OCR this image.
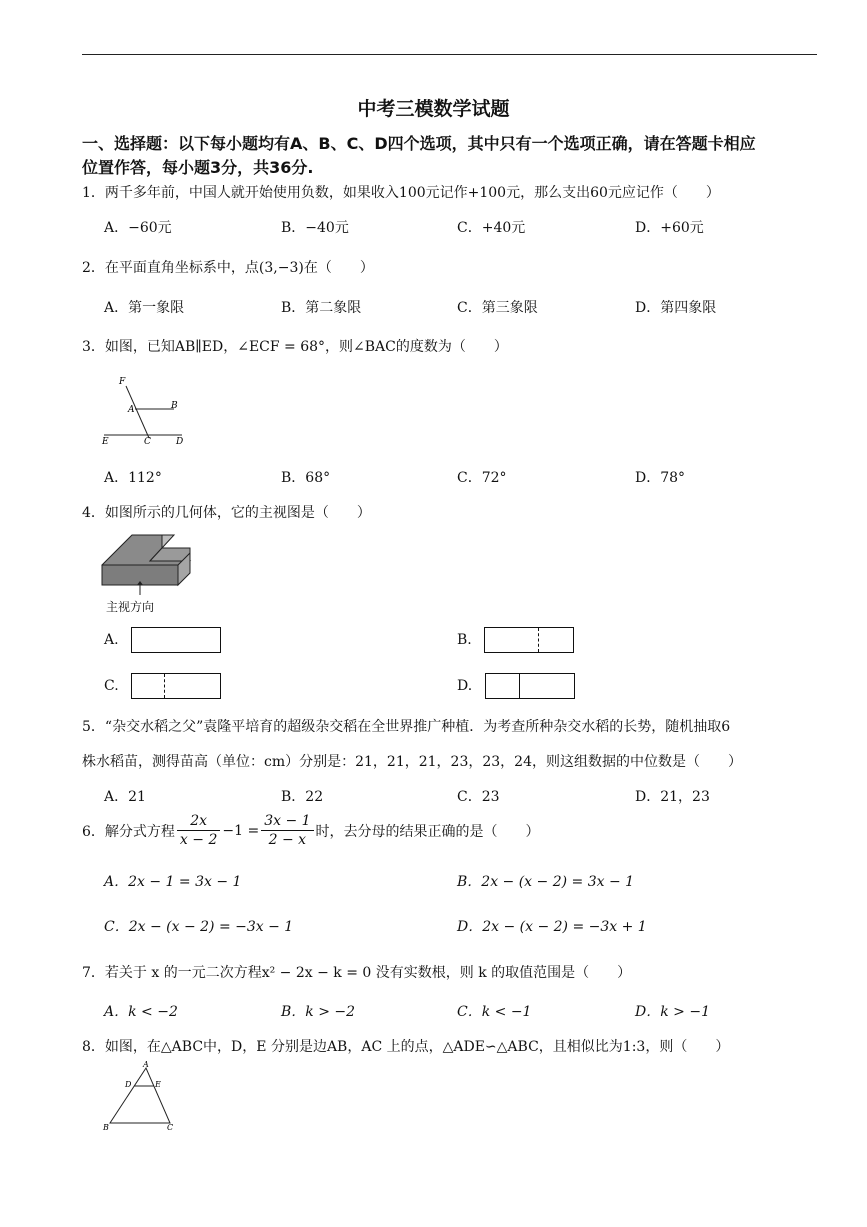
中考三模数学试题
一、选择题：以下每小题均有A、B、C、D四个选项，其中只有一个选项正确，请在答题卡相应
位置作答，每小题3分，共36分.
1．两千多年前，中国人就开始使用负数，如果收入100元记作+100元，那么支出60元应记作（　　）
A．−60元	B．−40元	C．+40元	D．+60元
2．在平面直角坐标系中，点(3,−3)在（　　）
A．第一象限	B．第二象限	C．第三象限	D．第四象限
3．如图，已知AB∥ED，∠ECF = 68°，则∠BAC的度数为（　　）
F
A	B
E	C	D
A．112°	B．68°	C．72°	D．78°
4．如图所示的几何体，它的主视图是（　　）
主视方向
A.	B.
C.	D.
5．“杂交水稻之父”袁隆平培育的超级杂交稻在全世界推广种植．为考查所种杂交水稻的长势，随机抽取6
株水稻苗，测得苗高（单位：cm）分别是：21，21，21，23，23，24，则这组数据的中位数是（　　）
A．21	B．22	C．23	D．21，23
6．解分式方程 $\frac{2x}{x - 2} -1 = \frac{3x - 1}{2 - x}$ 时，去分母的结果正确的是（　　）
A．2x − 1 = 3x − 1	B．2x − (x − 2) = 3x − 1
C．2x − (x − 2) = −3x − 1	D．2x − (x − 2) = −3x + 1
7．若关于 x 的一元二次方程x² − 2x − k = 0 没有实数根，则 k 的取值范围是（　　）
A．k < −2	B．k > −2	C．k < −1	D．k > −1
8．如图，在△ABC中，D，E 分别是边AB，AC 上的点，△ADE∽△ABC，且相似比为1:3，则（　　）
A
D	E
B	C
